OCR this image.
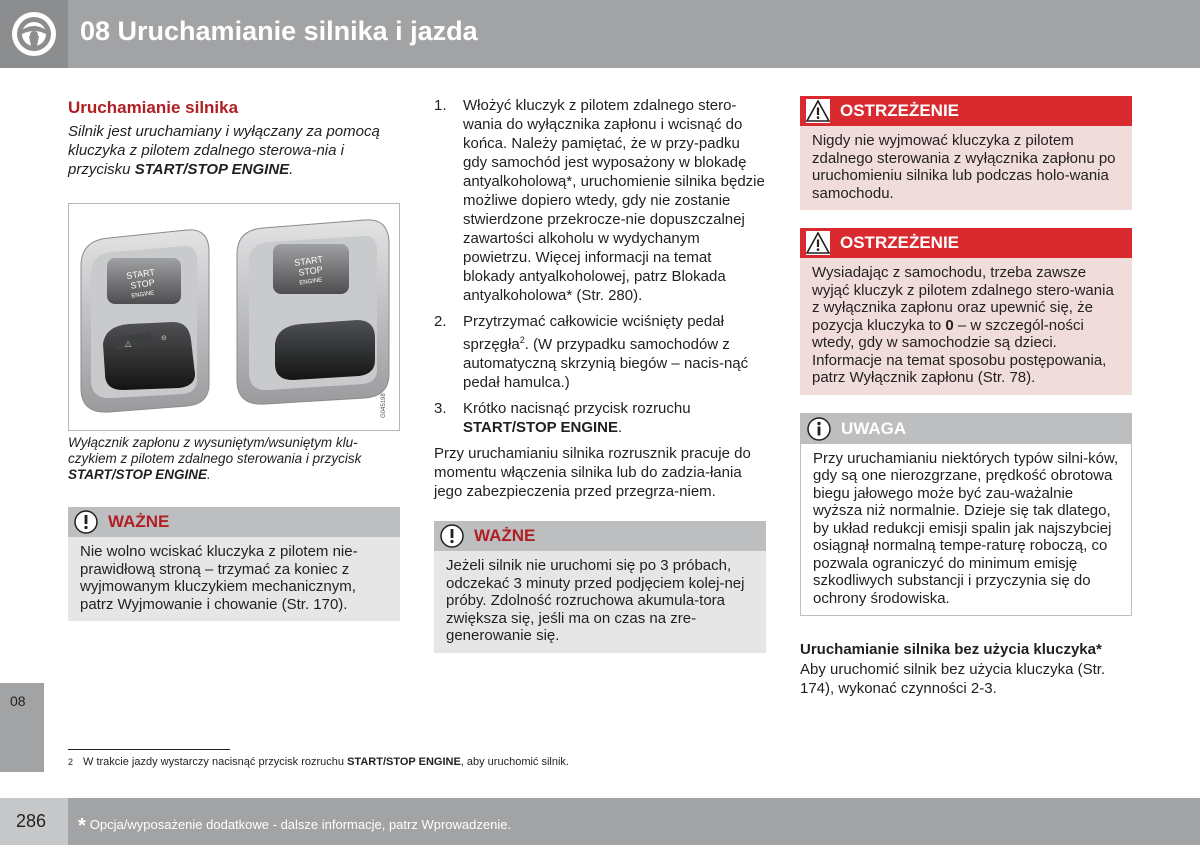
08 Uruchamianie silnika i jazda
08
Uruchamianie silnika

Silnik jest uruchamiany i wyłączany za pomocą kluczyka z pilotem zdalnego sterowa-nia i przycisku START/STOP ENGINE.

START
STOP
ENGINE
△
⊝
START
STOP
ENGINE
G045198

Wyłącznik zapłonu z wysuniętym/wsuniętym klu-czykiem z pilotem zdalnego sterowania i przycisk START/STOP ENGINE.

WAŻNE
Nie wolno wciskać kluczyka z pilotem nie-prawidłową stroną – trzymać za koniec z wyjmowanym kluczykiem mechanicznym, patrz Wyjmowanie i chowanie (Str. 170).
1. Włożyć kluczyk z pilotem zdalnego stero-wania do wyłącznika zapłonu i wcisnąć do końca. Należy pamiętać, że w przy-padku gdy samochód jest wyposażony w blokadę antyalkoholową*, uruchomienie silnika będzie możliwe dopiero wtedy, gdy nie zostanie stwierdzone przekrocze-nie dopuszczalnej zawartości alkoholu w wydychanym powietrzu. Więcej informacji na temat blokady antyalkoholowej, patrz Blokada antyalkoholowa* (Str. 280).
2. Przytrzymać całkowicie wciśnięty pedał sprzęgła$^2$. (W przypadku samochodów z automatyczną skrzynią biegów – nacis-nąć pedał hamulca.)
3. Krótko nacisnąć przycisk rozruchu START/STOP ENGINE.

Przy uruchamianiu silnika rozrusznik pracuje do momentu włączenia silnika lub do zadzia-łania jego zabezpieczenia przed przegrza-niem.

WAŻNE
Jeżeli silnik nie uruchomi się po 3 próbach, odczekać 3 minuty przed podjęciem kolej-nej próby. Zdolność rozruchowa akumula-tora zwiększa się, jeśli ma on czas na zre-generowanie się.
OSTRZEŻENIE
Nigdy nie wyjmować kluczyka z pilotem zdalnego sterowania z wyłącznika zapłonu po uruchomieniu silnika lub podczas holo-wania samochodu.
OSTRZEŻENIE
Wysiadając z samochodu, trzeba zawsze wyjąć kluczyk z pilotem zdalnego stero-wania z wyłącznika zapłonu oraz upewnić się, że pozycja kluczyka to 0 – w szczegól-ności wtedy, gdy w samochodzie są dzieci. Informacje na temat sposobu postępowania, patrz Wyłącznik zapłonu (Str. 78).
UWAGA
Przy uruchamianiu niektórych typów silni-ków, gdy są one nierozgrzane, prędkość obrotowa biegu jałowego może być zau-ważalnie wyższa niż normalnie. Dzieje się tak dlatego, by układ redukcji emisji spalin jak najszybciej osiągnął normalną tempe-raturę roboczą, co pozwala ograniczyć do minimum emisję szkodliwych substancji i przyczynia się do ochrony środowiska.
Uruchamianie silnika bez użycia kluczyka*

Aby uruchomić silnik bez użycia kluczyka (Str. 174), wykonać czynności 2-3.

2 W trakcie jazdy wystarczy nacisnąć przycisk rozruchu START/STOP ENGINE, aby uruchomić silnik.
286 * Opcja/wyposażenie dodatkowe - dalsze informacje, patrz Wprowadzenie.
